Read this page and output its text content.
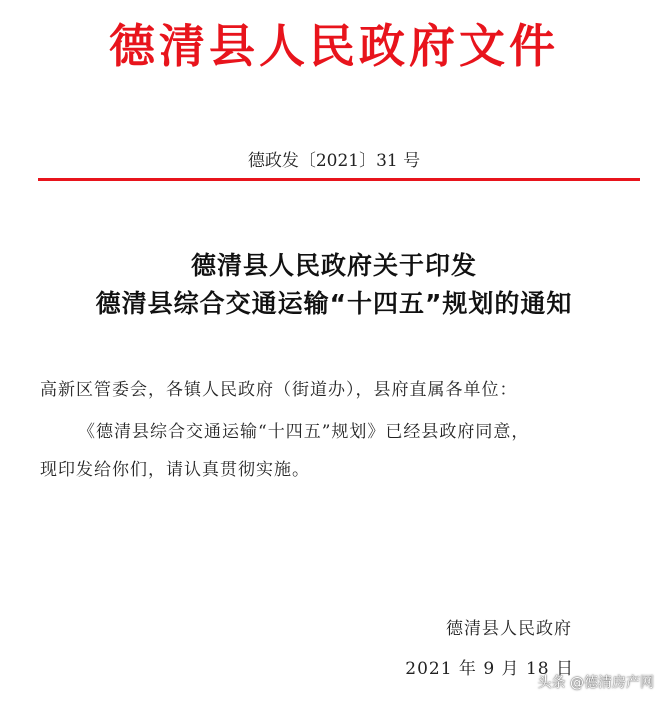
德清县人民政府文件
德政发〔2021〕31 号
德清县人民政府关于印发
德清县综合交通运输“十四五”规划的通知
高新区管委会，各镇人民政府（街道办），县府直属各单位：
《德清县综合交通运输“十四五”规划》已经县政府同意，
现印发给你们，请认真贯彻实施。
德清县人民政府
2021 年 9 月 18 日
头条 @德清房产网
